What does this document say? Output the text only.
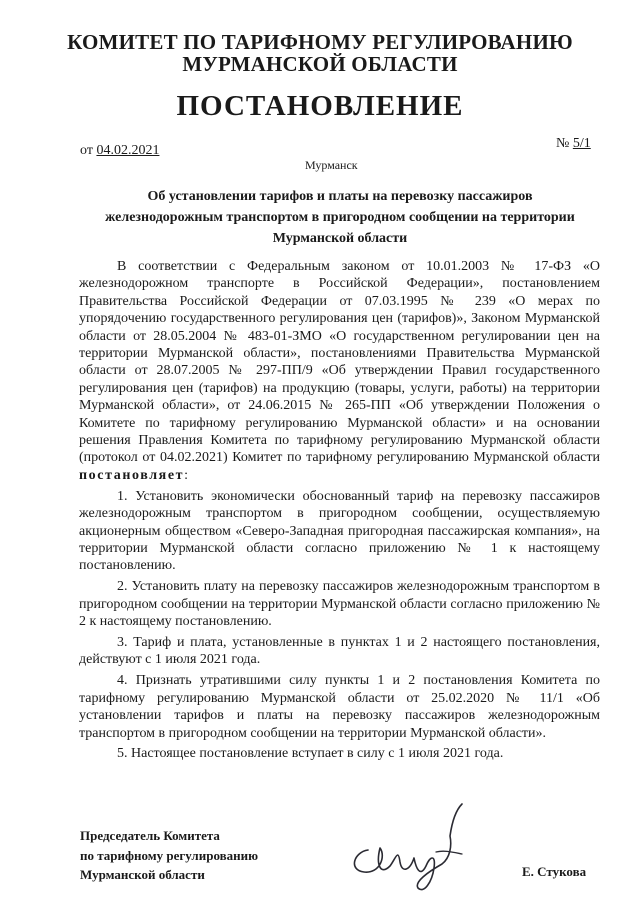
КОМИТЕТ ПО ТАРИФНОМУ РЕГУЛИРОВАНИЮ
МУРМАНСКОЙ ОБЛАСТИ
ПОСТАНОВЛЕНИЕ
от 04.02.2021	№ 5/1
Мурманск
Об установлении тарифов и платы на перевозку пассажиров
железнодорожным транспортом в пригородном сообщении на территории
Мурманской области

В соответствии с Федеральным законом от 10.01.2003 № 17-ФЗ «О железнодорожном транспорте в Российской Федерации», постановлением Правительства Российской Федерации от 07.03.1995 № 239 «О мерах по упорядочению государственного регулирования цен (тарифов)», Законом Мурманской области от 28.05.2004 № 483-01-ЗМО «О государственном регулировании цен на территории Мурманской области», постановлениями Правительства Мурманской области от 28.07.2005 № 297-ПП/9 «Об утверждении Правил государственного регулирования цен (тарифов) на продукцию (товары, услуги, работы) на территории Мурманской области», от 24.06.2015 № 265-ПП «Об утверждении Положения о Комитете по тарифному регулированию Мурманской области» и на основании решения Правления Комитета по тарифному регулированию Мурманской области (протокол от 04.02.2021) Комитет по тарифному регулированию Мурманской области постановляет:

1. Установить экономически обоснованный тариф на перевозку пассажиров железнодорожным транспортом в пригородном сообщении, осуществляемую акционерным обществом «Северо-Западная пригородная пассажирская компания», на территории Мурманской области согласно приложению № 1 к настоящему постановлению.

2. Установить плату на перевозку пассажиров железнодорожным транспортом в пригородном сообщении на территории Мурманской области согласно приложению № 2 к настоящему постановлению.

3. Тариф и плата, установленные в пунктах 1 и 2 настоящего постановления, действуют с 1 июля 2021 года.

4. Признать утратившими силу пункты 1 и 2 постановления Комитета по тарифному регулированию Мурманской области от 25.02.2020 № 11/1 «Об установлении тарифов и платы на перевозку пассажиров железнодорожным транспортом в пригородном сообщении на территории Мурманской области».

5. Настоящее постановление вступает в силу с 1 июля 2021 года.

Председатель Комитета
по тарифному регулированию
Мурманской области	Е. Стукова
